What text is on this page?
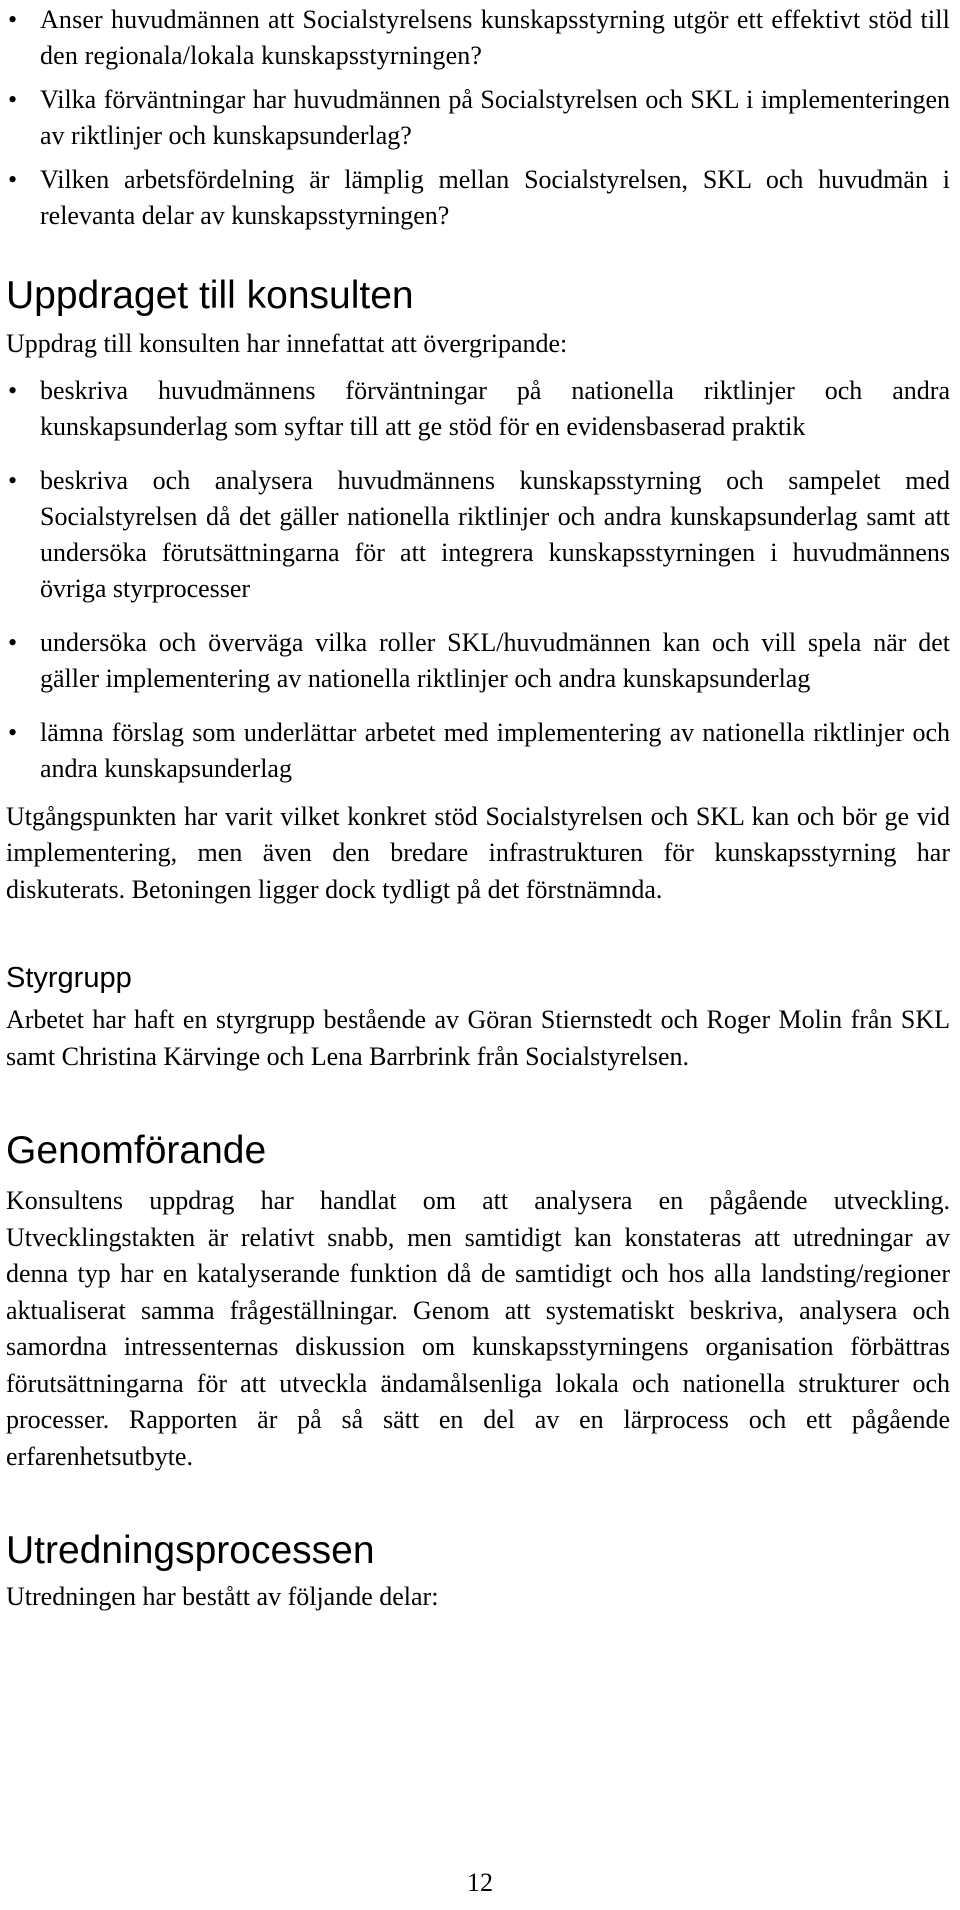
• Anser huvudmännen att Socialstyrelsens kunskapsstyrning utgör ett effektivt stöd till den regionala/lokala kunskapsstyrningen?
• Vilka förväntningar har huvudmännen på Socialstyrelsen och SKL i implementeringen av riktlinjer och kunskapsunderlag?
• Vilken arbetsfördelning är lämplig mellan Socialstyrelsen, SKL och huvudmän i relevanta delar av kunskapsstyrningen?
Uppdraget till konsulten

Uppdrag till konsulten har innefattat att övergripande:

• beskriva huvudmännens förväntningar på nationella riktlinjer och andra kunskapsunderlag som syftar till att ge stöd för en evidensbaserad praktik
• beskriva och analysera huvudmännens kunskapsstyrning och sampelet med Socialstyrelsen då det gäller nationella riktlinjer och andra kunskapsunderlag samt att undersöka förutsättningarna för att integrera kunskapsstyrningen i huvudmännens övriga styrprocesser
• undersöka och överväga vilka roller SKL/huvudmännen kan och vill spela när det gäller implementering av nationella riktlinjer och andra kunskapsunderlag
• lämna förslag som underlättar arbetet med implementering av nationella riktlinjer och andra kunskapsunderlag

Utgångspunkten har varit vilket konkret stöd Socialstyrelsen och SKL kan och bör ge vid implementering, men även den bredare infrastrukturen för kunskapsstyrning har diskuterats. Betoningen ligger dock tydligt på det förstnämnda.

Styrgrupp

Arbetet har haft en styrgrupp bestående av Göran Stiernstedt och Roger Molin från SKL samt Christina Kärvinge och Lena Barrbrink från Socialstyrelsen.

Genomförande

Konsultens uppdrag har handlat om att analysera en pågående utveckling. Utvecklingstakten är relativt snabb, men samtidigt kan konstateras att utredningar av denna typ har en katalyserande funktion då de samtidigt och hos alla landsting/regioner aktualiserat samma frågeställningar. Genom att systematiskt beskriva, analysera och samordna intressenternas diskussion om kunskapsstyrningens organisation förbättras förutsättningarna för att utveckla ändamålsenliga lokala och nationella strukturer och processer. Rapporten är på så sätt en del av en lärprocess och ett pågående erfarenhetsutbyte.

Utredningsprocessen

Utredningen har bestått av följande delar:

12
